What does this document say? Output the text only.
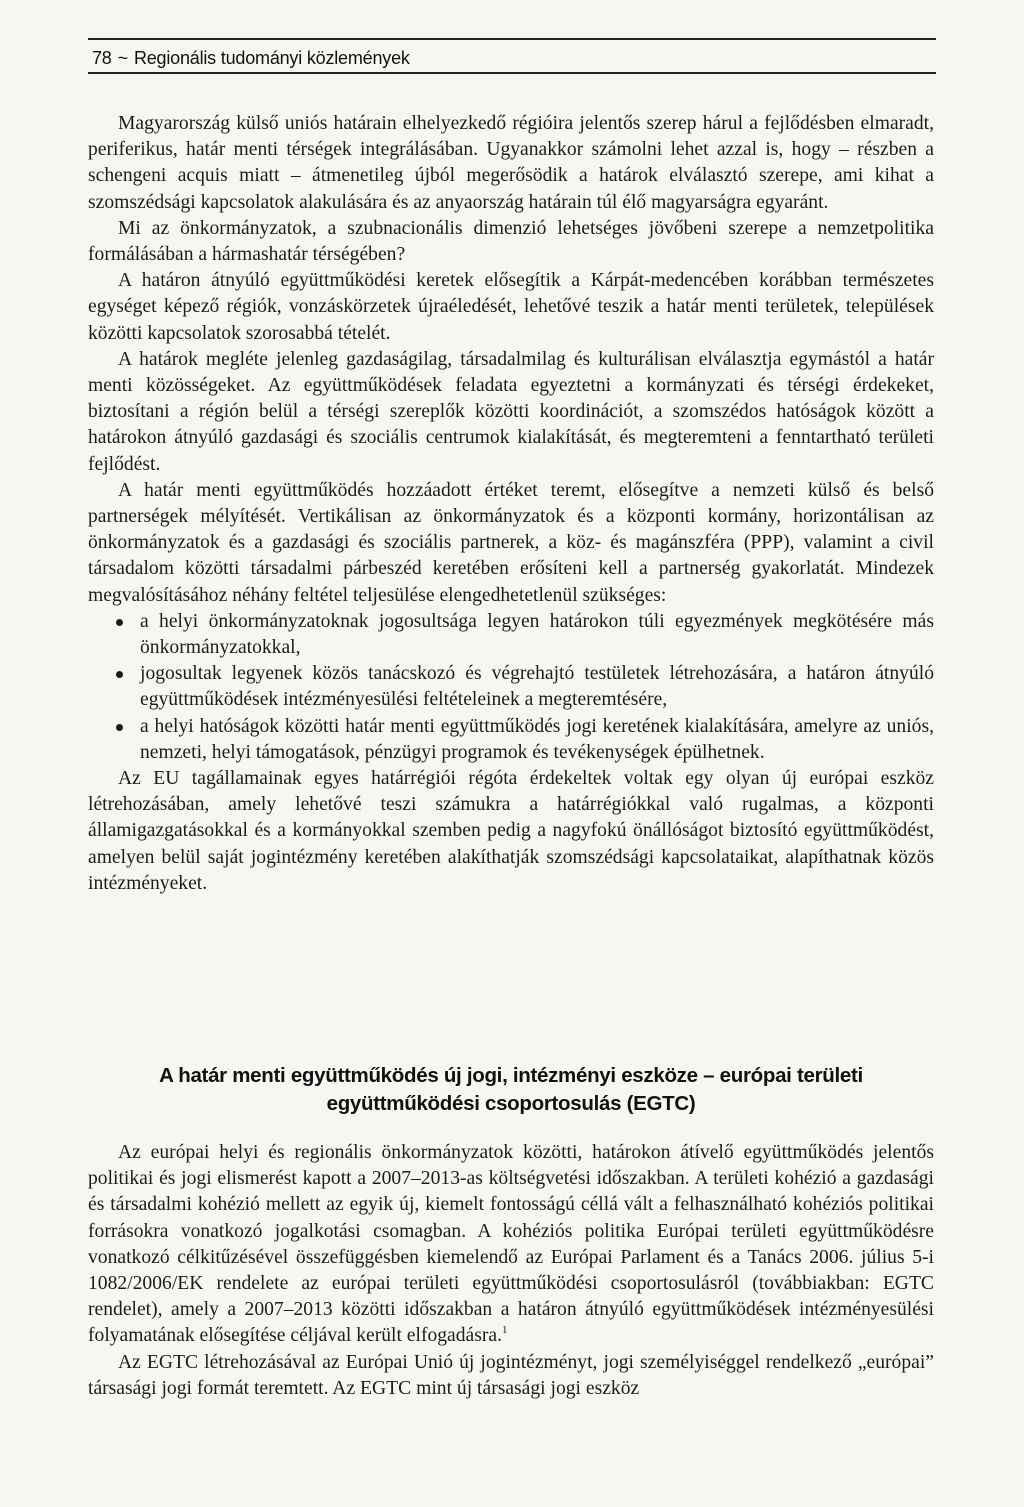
78 ~ Regionális tudományi közlemények

Magyarország külső uniós határain elhelyezkedő régióira jelentős szerep hárul a fejlődésben elmaradt, periferikus, határ menti térségek integrálásában. Ugyanakkor számolni lehet azzal is, hogy – részben a schengeni acquis miatt – átmenetileg újból megerősödik a határok elválasztó szerepe, ami kihat a szomszédsági kapcsolatok alakulására és az anyaország határain túl élő magyarságra egyaránt.

Mi az önkormányzatok, a szubnacionális dimenzió lehetséges jövőbeni szerepe a nemzetpolitika formálásában a hármashatár térségében?

A határon átnyúló együttműködési keretek elősegítik a Kárpát-medencében korábban természetes egységet képező régiók, vonzáskörzetek újraéledését, lehetővé teszik a határ menti területek, települések közötti kapcsolatok szorosabbá tételét.

A határok megléte jelenleg gazdaságilag, társadalmilag és kulturálisan elválasztja egymástól a határ menti közösségeket. Az együttműködések feladata egyeztetni a kormányzati és térségi érdekeket, biztosítani a régión belül a térségi szereplők közötti koordinációt, a szomszédos hatóságok között a határokon átnyúló gazdasági és szociális centrumok kialakítását, és megteremteni a fenntartható területi fejlődést.

A határ menti együttműködés hozzáadott értéket teremt, elősegítve a nemzeti külső és belső partnerségek mélyítését. Vertikálisan az önkormányzatok és a központi kormány, horizontálisan az önkormányzatok és a gazdasági és szociális partnerek, a köz- és magánszféra (PPP), valamint a civil társadalom közötti társadalmi párbeszéd keretében erősíteni kell a partnerség gyakorlatát. Mindezek megvalósításához néhány feltétel teljesülése elengedhetetlenül szükséges:

a helyi önkormányzatoknak jogosultsága legyen határokon túli egyezmények megkötésére más önkormányzatokkal,
jogosultak legyenek közös tanácskozó és végrehajtó testületek létrehozására, a határon átnyúló együttműködések intézményesülési feltételeinek a megteremtésére,
a helyi hatóságok közötti határ menti együttműködés jogi keretének kialakítására, amelyre az uniós, nemzeti, helyi támogatások, pénzügyi programok és tevékenységek épülhetnek.

Az EU tagállamainak egyes határrégiói régóta érdekeltek voltak egy olyan új európai eszköz létrehozásában, amely lehetővé teszi számukra a határrégiókkal való rugalmas, a központi államigazgatásokkal és a kormányokkal szemben pedig a nagyfokú önállóságot biztosító együttműködést, amelyen belül saját jogintézmény keretében alakíthatják szomszédsági kapcsolataikat, alapíthatnak közös intézményeket.

A határ menti együttműködés új jogi, intézményi eszköze – európai területi
együttműködési csoportosulás (EGTC)

Az európai helyi és regionális önkormányzatok közötti, határokon átívelő együttműködés jelentős politikai és jogi elismerést kapott a 2007–2013-as költségvetési időszakban. A területi kohézió a gazdasági és társadalmi kohézió mellett az egyik új, kiemelt fontosságú céllá vált a felhasználható kohéziós politikai forrásokra vonatkozó jogalkotási csomagban. A kohéziós politika Európai területi együttműködésre vonatkozó célkitűzésével összefüggésben kiemelendő az Európai Parlament és a Tanács 2006. július 5-i 1082/2006/EK rendelete az európai területi együttműködési csoportosulásról (továbbiakban: EGTC rendelet), amely a 2007–2013 közötti időszakban a határon átnyúló együttműködések intézményesülési folyamatának elősegítése céljával került elfogadásra.$^1$

Az EGTC létrehozásával az Európai Unió új jogintézményt, jogi személyiséggel rendelkező „európai” társasági jogi formát teremtett. Az EGTC mint új társasági jogi eszköz
